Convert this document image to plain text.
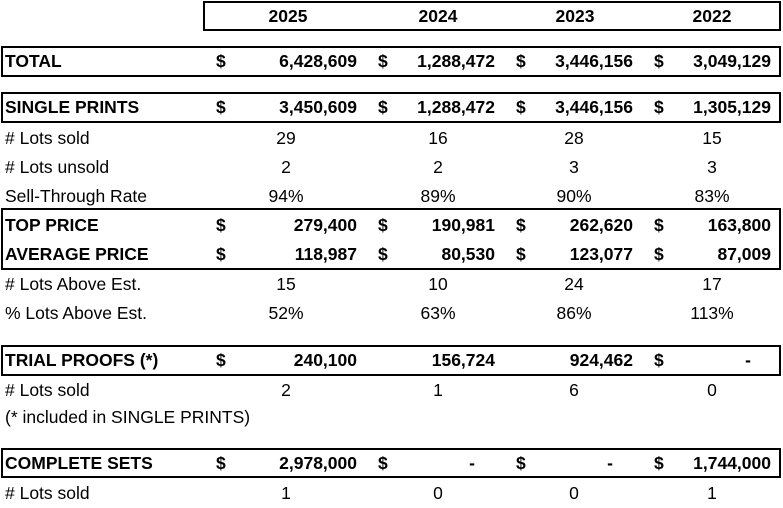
2025	2024	2023	2022
TOTAL	$	6,428,609 $	1,288,472 $	3,446,156 $	3,049,129
SINGLE PRINTS	$	3,450,609 $	1,288,472 $	3,446,156 $	1,305,129
# Lots sold	29	16	28	15
# Lots unsold	2	2	3	3
Sell-Through Rate	94%	89%	90%	83%
TOP PRICE	$	279,400 $	190,981 $	262,620 $	163,800
AVERAGE PRICE	$	118,987 $	80,530 $	123,077 $	87,009
# Lots Above Est.	15	10	24	17
% Lots Above Est.	52%	63%	86%	113%
TRIAL PROOFS (*)	$	240,100	156,724	924,462 $	-
# Lots sold	2	1	6	0
(* included in SINGLE PRINTS)
COMPLETE SETS	$	2,978,000 $	- $	- $	1,744,000
# Lots sold	1	0	0	1
